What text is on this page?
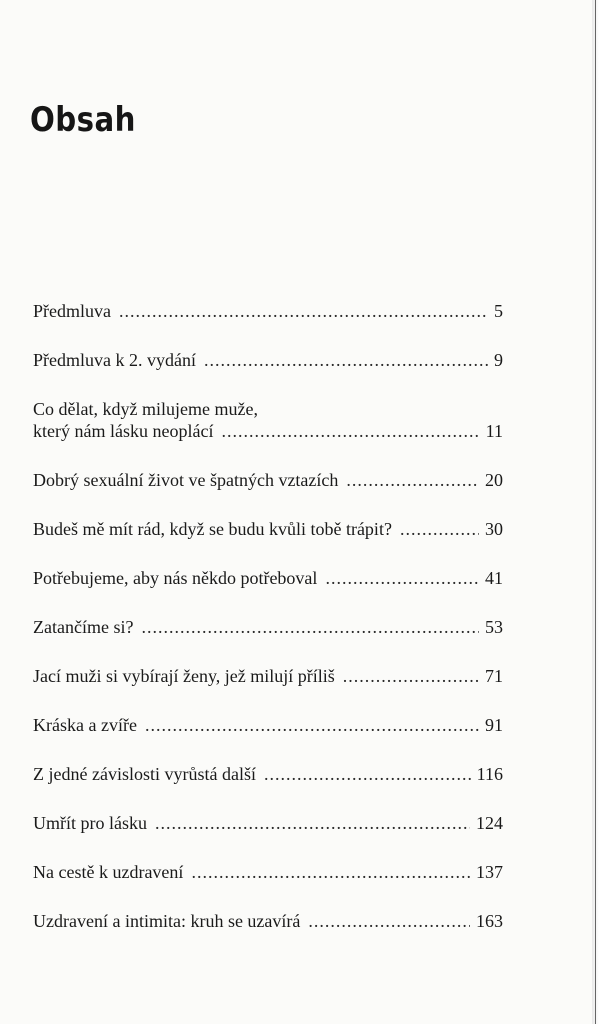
Obsah
Předmluva .....	5
Předmluva k 2. vydání .....	9
Co dělat, když milujeme muže,
který nám lásku neoplácí .....	11
Dobrý sexuální život ve špatných vztazích .....	20
Budeš mě mít rád, když se budu kvůli tobě trápit? .....	30
Potřebujeme, aby nás někdo potřeboval .....	41
Zatančíme si? .....	53
Jací muži si vybírají ženy, jež milují příliš .....	71
Kráska a zvíře .....	91
Z jedné závislosti vyrůstá další .....	116
Umřít pro lásku .....	124
Na cestě k uzdravení .....	137
Uzdravení a intimita: kruh se uzavírá .....	163
